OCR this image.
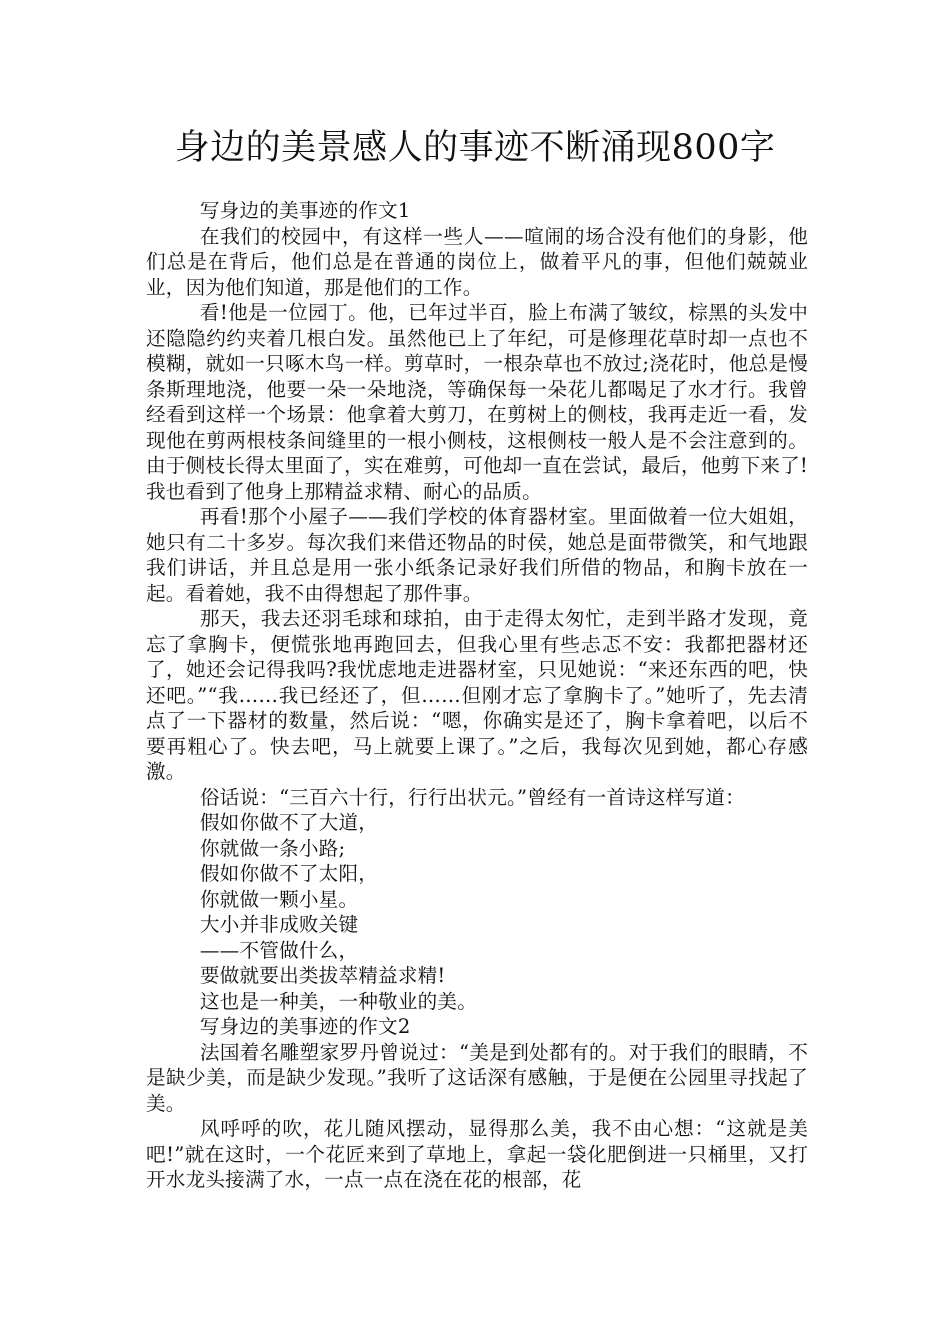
身边的美景感人的事迹不断涌现800字

写身边的美事迹的作文1

在我们的校园中，有这样一些人——喧闹的场合没有他们的身影，他们总是在背后，他们总是在普通的岗位上，做着平凡的事，但他们兢兢业业，因为他们知道，那是他们的工作。

看!他是一位园丁。他，已年过半百，脸上布满了皱纹，棕黑的头发中还隐隐约约夹着几根白发。虽然他已上了年纪，可是修理花草时却一点也不模糊，就如一只啄木鸟一样。剪草时，一根杂草也不放过;浇花时，他总是慢条斯理地浇，他要一朵一朵地浇，等确保每一朵花儿都喝足了水才行。我曾经看到这样一个场景：他拿着大剪刀，在剪树上的侧枝，我再走近一看，发现他在剪两根枝条间缝里的一根小侧枝，这根侧枝一般人是不会注意到的。由于侧枝长得太里面了，实在难剪，可他却一直在尝试，最后，他剪下来了!我也看到了他身上那精益求精、耐心的品质。

再看!那个小屋子——我们学校的体育器材室。里面做着一位大姐姐，她只有二十多岁。每次我们来借还物品的时侯，她总是面带微笑，和气地跟我们讲话，并且总是用一张小纸条记录好我们所借的物品，和胸卡放在一起。看着她，我不由得想起了那件事。

那天，我去还羽毛球和球拍，由于走得太匆忙，走到半路才发现，竟忘了拿胸卡，便慌张地再跑回去，但我心里有些忐忑不安：我都把器材还了，她还会记得我吗?我忧虑地走进器材室，只见她说：“来还东西的吧，快还吧。”“我……我已经还了，但……但刚才忘了拿胸卡了。”她听了，先去清点了一下器材的数量，然后说：“嗯，你确实是还了，胸卡拿着吧，以后不要再粗心了。快去吧，马上就要上课了。”之后，我每次见到她，都心存感激。

俗话说：“三百六十行，行行出状元。”曾经有一首诗这样写道：

假如你做不了大道，

你就做一条小路;

假如你做不了太阳，

你就做一颗小星。

大小并非成败关键

——不管做什么，

要做就要出类拔萃精益求精!

这也是一种美，一种敬业的美。

写身边的美事迹的作文2

法国着名雕塑家罗丹曾说过：“美是到处都有的。对于我们的眼睛，不是缺少美，而是缺少发现。”我听了这话深有感触，于是便在公园里寻找起了美。

风呼呼的吹，花儿随风摆动，显得那么美，我不由心想：“这就是美吧!”就在这时，一个花匠来到了草地上，拿起一袋化肥倒进一只桶里，又打开水龙头接满了水，一点一点在浇在花的根部，花
